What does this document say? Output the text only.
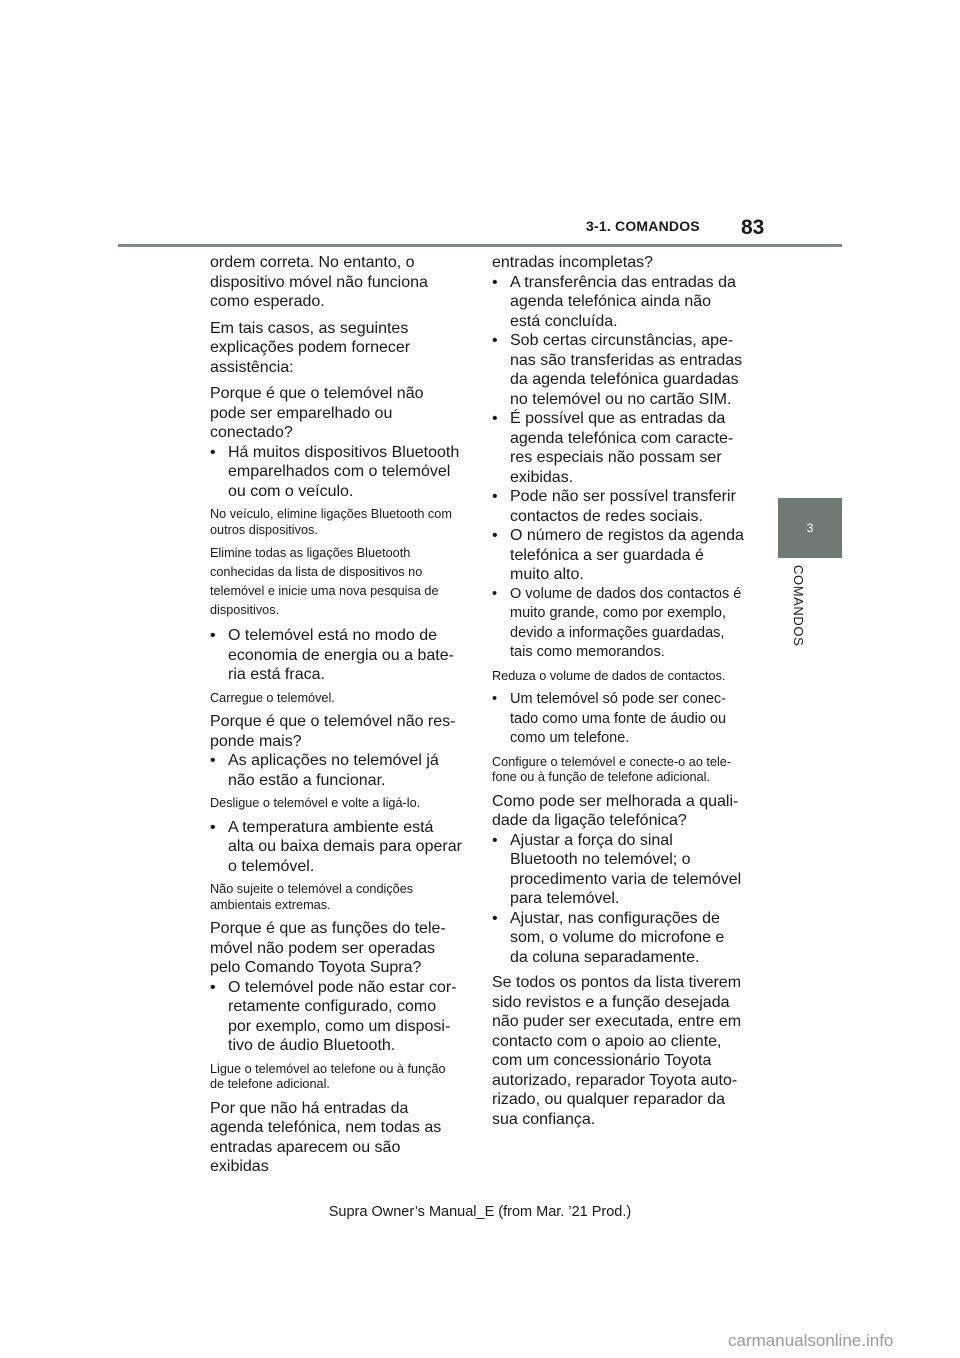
3-1. COMANDOS 83
3
COMANDOS

ordem correta. No entanto, o dispositivo móvel não funciona como esperado.

Em tais casos, as seguintes explicações podem fornecer assistência:

Porque é que o telemóvel não pode ser emparelhado ou conectado?

• Há muitos dispositivos Bluetooth emparelhados com o telemóvel ou com o veículo.

No veículo, elimine ligações Bluetooth com outros dispositivos.

Elimine todas as ligações Bluetooth conhecidas da lista de dispositivos no telemóvel e inicie uma nova pesquisa de dispositivos.

• O telemóvel está no modo de economia de energia ou a bateria está fraca.

Carregue o telemóvel.

Porque é que o telemóvel não responde mais?

• As aplicações no telemóvel já não estão a funcionar.

Desligue o telemóvel e volte a ligá-lo.

• A temperatura ambiente está alta ou baixa demais para operar o telemóvel.

Não sujeite o telemóvel a condições ambientais extremas.

Porque é que as funções do telemóvel não podem ser operadas pelo Comando Toyota Supra?

• O telemóvel pode não estar corretamente configurado, como por exemplo, como um dispositivo de áudio Bluetooth.

Ligue o telemóvel ao telefone ou à função de telefone adicional.

Por que não há entradas da agenda telefónica, nem todas as entradas aparecem ou são exibidas

entradas incompletas?

• A transferência das entradas da agenda telefónica ainda não está concluída.
• Sob certas circunstâncias, apenas são transferidas as entradas da agenda telefónica guardadas no telemóvel ou no cartão SIM.
• É possível que as entradas da agenda telefónica com caracteres especiais não possam ser exibidas.
• Pode não ser possível transferir contactos de redes sociais.
• O número de registos da agenda telefónica a ser guardada é muito alto.
• O volume de dados dos contactos é muito grande, como por exemplo, devido a informações guardadas, tais como memorandos.

Reduza o volume de dados de contactos.

• Um telemóvel só pode ser conectado como uma fonte de áudio ou como um telefone.

Configure o telemóvel e conecte-o ao telefone ou à função de telefone adicional.

Como pode ser melhorada a qualidade da ligação telefónica?

• Ajustar a força do sinal Bluetooth no telemóvel; o procedimento varia de telemóvel para telemóvel.
• Ajustar, nas configurações de som, o volume do microfone e da coluna separadamente.

Se todos os pontos da lista tiverem sido revistos e a função desejada não puder ser executada, entre em contacto com o apoio ao cliente, com um concessionário Toyota autorizado, reparador Toyota autorizado, ou qualquer reparador da sua confiança.

Supra Owner’s Manual_E (from Mar. ’21 Prod.)
carmanualsonline.info
